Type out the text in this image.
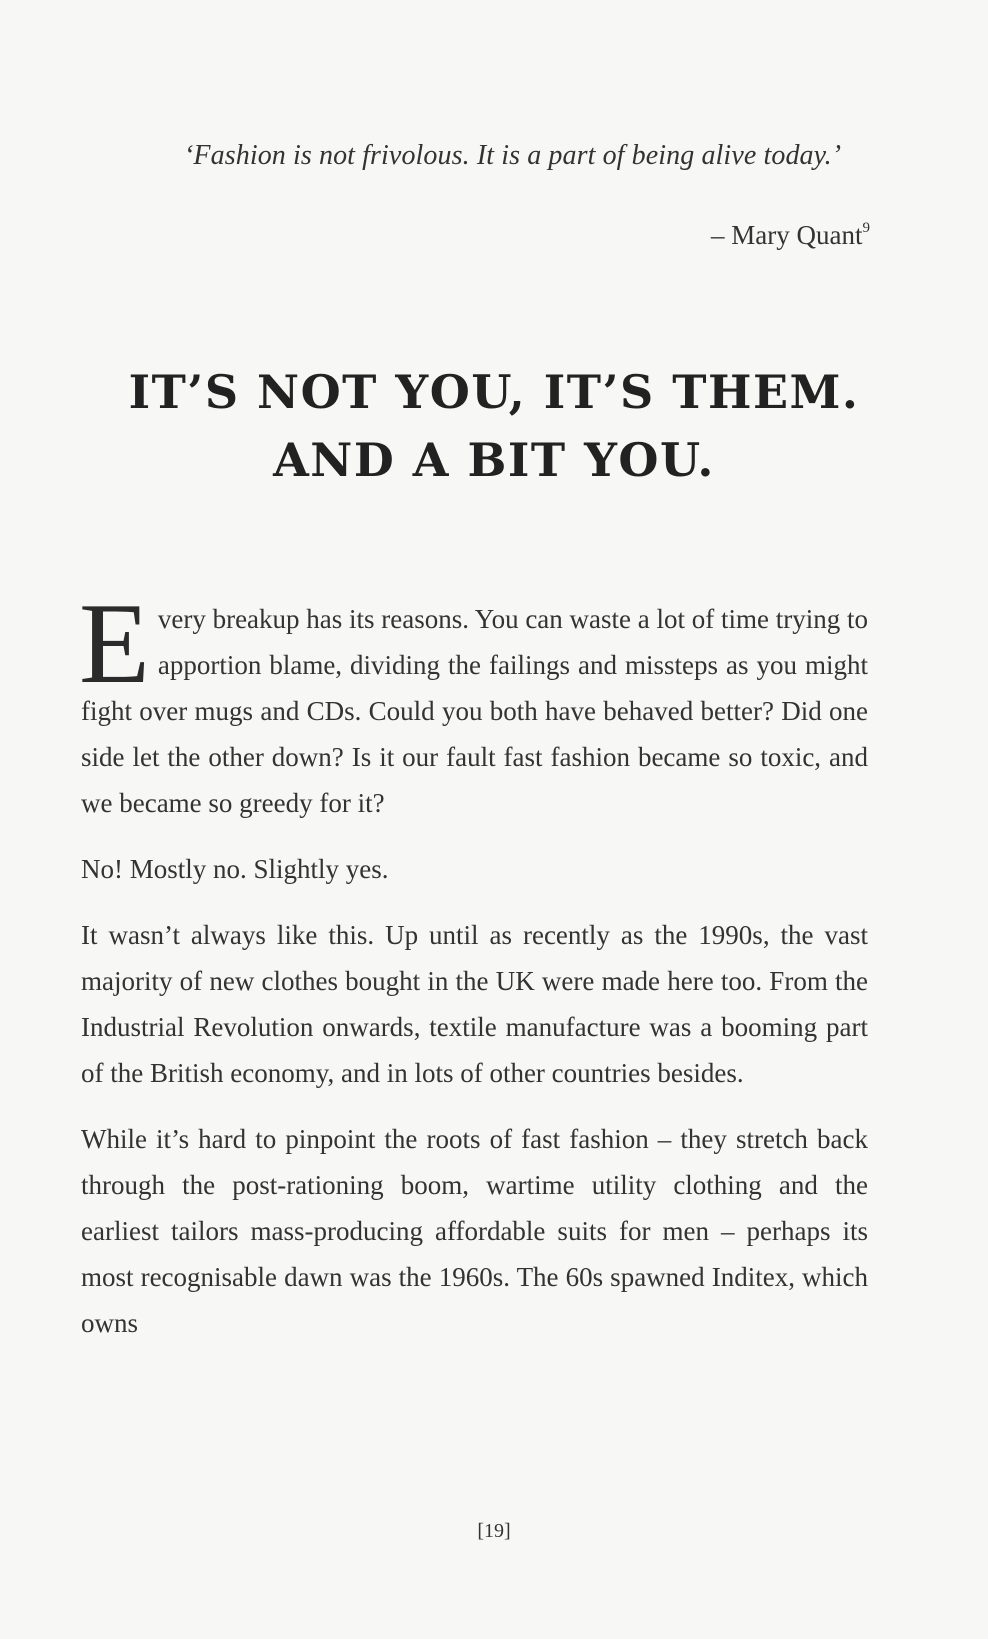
‘Fashion is not frivolous. It is a part of being alive today.’
– Mary Quant$^9$
IT’S NOT YOU, IT’S THEM.
AND A BIT YOU.

Every breakup has its reasons. You can waste a lot of time trying to apportion blame, dividing the failings and missteps as you might fight over mugs and CDs. Could you both have behaved better? Did one side let the other down? Is it our fault fast fashion became so toxic, and we became so greedy for it?

No! Mostly no. Slightly yes.

It wasn’t always like this. Up until as recently as the 1990s, the vast majority of new clothes bought in the UK were made here too. From the Industrial Revolution onwards, textile manufacture was a booming part of the British economy, and in lots of other countries besides.

While it’s hard to pinpoint the roots of fast fashion – they stretch back through the post-rationing boom, wartime utility clothing and the earliest tailors mass-producing affordable suits for men – perhaps its most recognisable dawn was the 1960s. The 60s spawned Inditex, which owns

[19]
